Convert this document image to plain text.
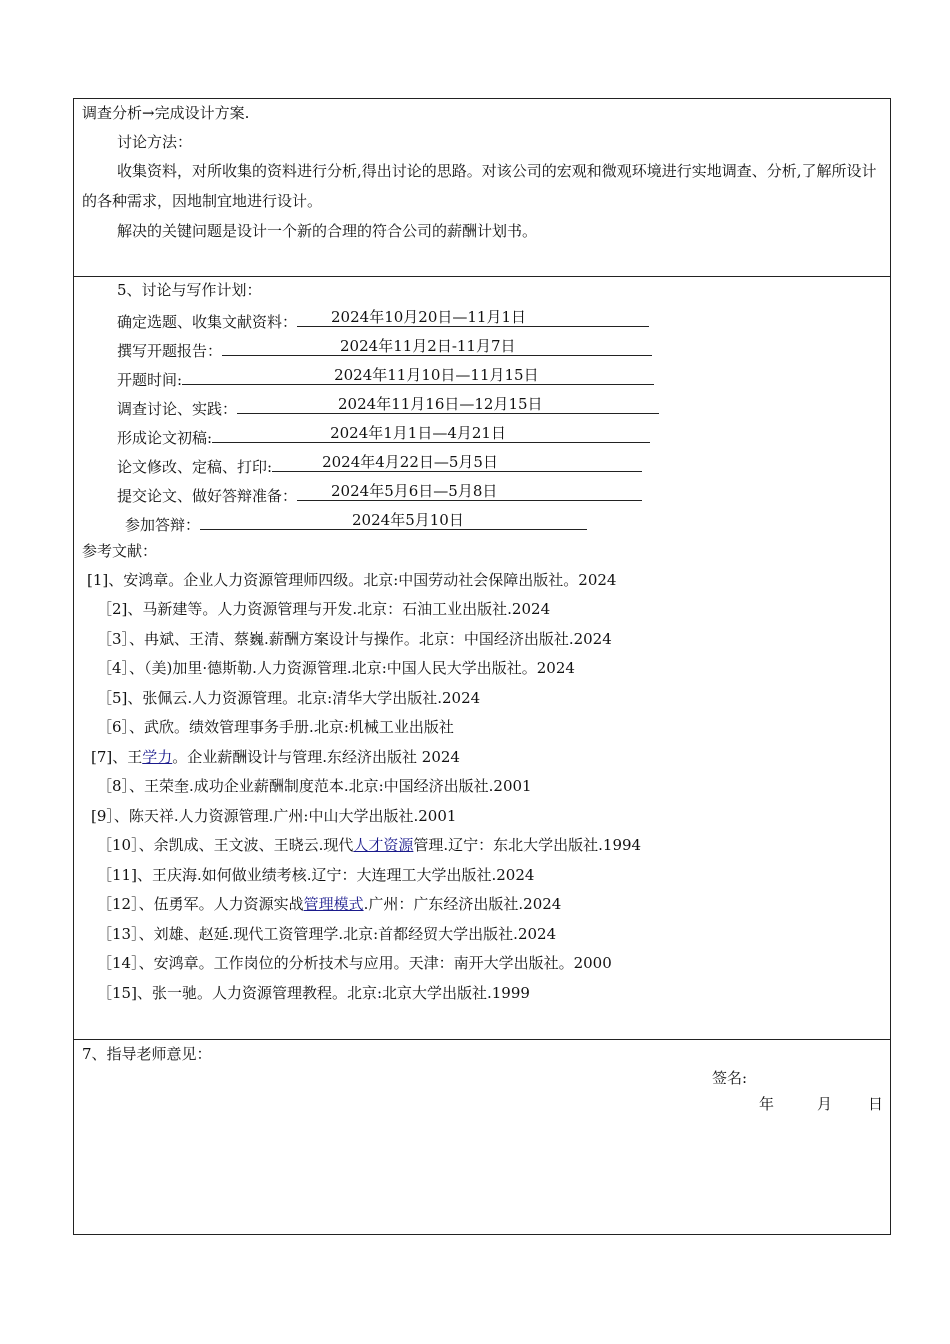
调查分析→完成设计方案.
讨论方法：
收集资料，对所收集的资料进行分析,得出讨论的思路。对该公司的宏观和微观环境进行实地调查、分析,了解所设计的各种需求，因地制宜地进行设计。
解决的关键问题是设计一个新的合理的符合公司的薪酬计划书。
5、讨论与写作计划：
确定选题、收集文献资料： 2024年10月20日—11月1日
撰写开题报告：	2024年11月2日-11月7日
开题时间:	2024年11月10日—11月15日
调查讨论、实践：	2024年11月16日—12月15日
形成论文初稿:	2024年1月1日—4月21日
论文修改、定稿、打印:	2024年4月22日—5月5日
提交论文、做好答辩准备： 2024年5月6日—5月8日
参加答辩：	2024年5月10日
参考文献：
[1]、安鸿章。企业人力资源管理师四级。北京:中国劳动社会保障出版社。2024
［2]、马新建等。人力资源管理与开发.北京：石油工业出版社.2024
［3］、冉斌、王清、蔡巍.薪酬方案设计与操作。北京：中国经济出版社.2024
［4］、（美)加里·德斯勒.人力资源管理.北京:中国人民大学出版社。2024
［5]、张佩云.人力资源管理。北京:清华大学出版社.2024
［6］、武欣。绩效管理事务手册.北京:机械工业出版社
[7]、王学力。企业薪酬设计与管理.东经济出版社 2024
［8］、王荣奎.成功企业薪酬制度范本.北京:中国经济出版社.2001
[9］、陈天祥.人力资源管理.广州:中山大学出版社.2001
［10］、余凯成、王文波、王晓云.现代人才资源管理.辽宁：东北大学出版社.1994
［11]、王庆海.如何做业绩考核.辽宁：大连理工大学出版社.2024
［12］、伍勇军。人力资源实战管理模式.广州：广东经济出版社.2024
［13］、刘雄、赵延.现代工资管理学.北京:首都经贸大学出版社.2024
［14］、安鸿章。工作岗位的分析技术与应用。天津：南开大学出版社。2000
［15]、张一驰。人力资源管理教程。北京:北京大学出版社.1999
7、指导老师意见：
签名:
年	月 日
